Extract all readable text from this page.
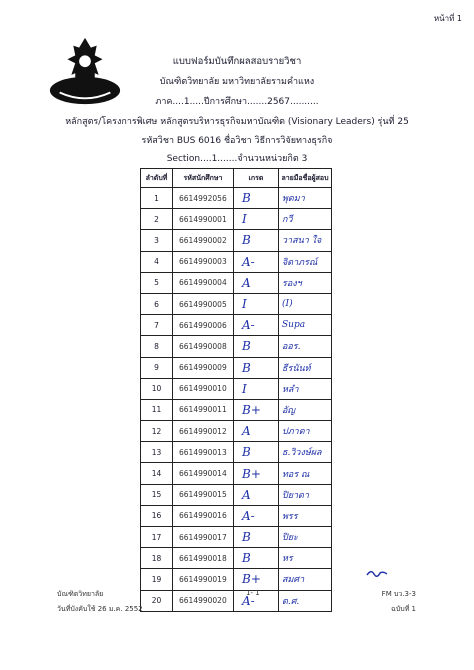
หน้าที่ 1
แบบฟอร์มบันทึกผลสอบรายวิชา
บัณฑิตวิทยาลัย มหาวิทยาลัยรามคำแหง
ภาค....1.....ปีการศึกษา.......2567..........
หลักสูตร/โครงการพิเศษ หลักสูตรบริหารธุรกิจมหาบัณฑิต (Visionary Leaders) รุ่นที่ 25
รหัสวิชา BUS 6016 ชื่อวิชา วิธีการวิจัยทางธุรกิจ
Section....1.......จำนวนหน่วยกิต 3
ลำดับที่	รหัสนักศึกษา	เกรด	ลายมือชื่อผู้สอบ
1	6614992056	B	พุดมา
2	6614990001	I	กวี
3	6614990002	B	วาสนา ใจ
4	6614990003	A-	จิดาภรณ์
5	6614990004	A	รองฯ
6	6614990005	I	(I)
7	6614990006	A-	Supa
8	6614990008	B	ออร.
9	6614990009	B	ธีรนันท์
10	6614990010	I	หลำ
11	6614990011	B+	อัญ
12	6614990012	A	ปภาดา
13	6614990013	B	ธ.วิวงษ์ผล
14	6614990014	B+	ทอร ณ
15	6614990015	A	ปิยาดา
16	6614990016	A-	พรร
17	6614990017	B	ปิยะ
18	6614990018	B	หร
19	6614990019	B+	สมศา
20	6614990020	A-	ต.ศ.
บัณฑิตวิทยาลัย
วันที่บังคับใช้ 26 ม.ค. 2552
1- 1	FM บว.3-3
ฉบับที่ 1
